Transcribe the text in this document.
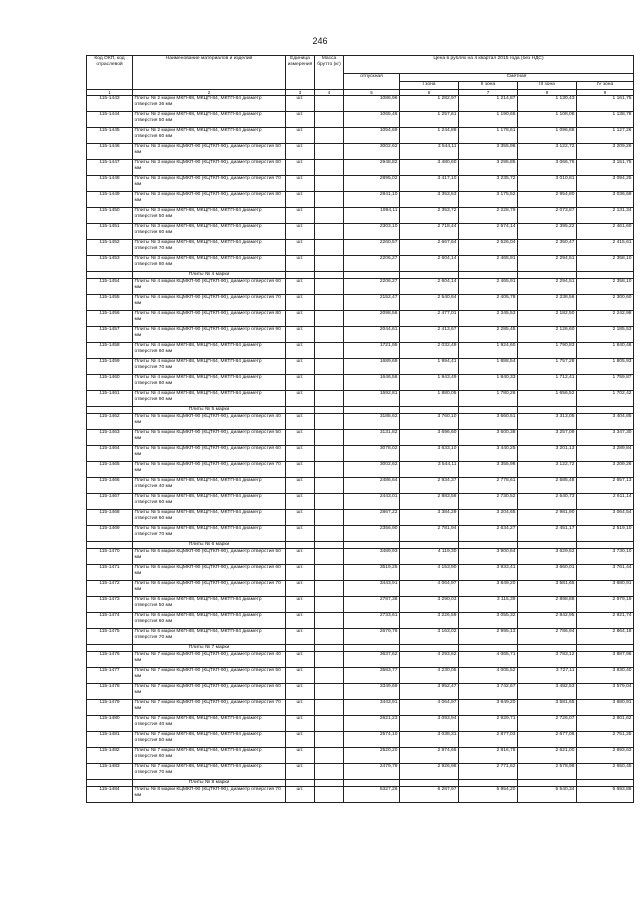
246
Код ОКП, код отраслевой	Наименование материалов и изделий	Единица измерения	Масса брутто (кг)	Цена в рублях на 4 квартал 2015 года (без НДС)				
				отпускная	Сметная			
					I зона	II зона	III зона	IV зона
1	2	3	4	5	6	7	8	9
115-1443	Плиты № 2 марки МКП-88, МКЦП-84, МКТП-84 диаметр отверстия 36 мм	шт.		1086,96	1 282,97	1 214,87	1 130,43	1 161,75
115-1444	Плиты № 2 марки МКП-88, МКЦП-84, МКТП-84 диаметр отверстия 50 мм	шт.		1065,46	1 257,61	1 190,65	1 108,08	1 138,78
115-1445	Плиты № 2 марки МКП-88, МКЦП-84, МКТП-84 диаметр отверстия 60 мм	шт.		1054,69	1 244,89	1 178,61	1 096,88	1 127,26
115-1446	Плиты № 3 марки КЦМКП-90 (КЦТКП-90), диаметр отверстия 50 мм	шт.		3002,62	3 544,11	3 355,98	3 122,72	3 209,26
115-1447	Плиты № 3 марки КЦМКП-90 (КЦТКП-90), диаметр отверстия 60 мм	шт.		2948,82	3 480,60	3 295,85	3 066,76	3 151,75
115-1448	Плиты № 3 марки КЦМКП-90 (КЦТКП-90), диаметр отверстия 70 мм	шт.		2895,02	3 417,10	3 235,72	3 010,81	3 094,25
115-1449	Плиты № 3 марки КЦМКП-90 (КЦТКП-90), диаметр отверстия 80 мм	шт.		2841,10	3 353,53	3 175,52	2 954,80	3 036,69
115-1450	Плиты № 3 марки МКП-88, МКЦП-84, МКТП-84 диаметр отверстия 50 мм	шт.		1994,11	2 353,72	2 228,79	2 073,87	2 131,34
115-1451	Плиты № 3 марки МКП-88, МКЦП-84, МКТП-84 диаметр отверстия 60 мм	шт.		2303,10	2 718,44	2 574,14	2 395,22	2 461,60
115-1452	Плиты № 3 марки МКП-88, МКЦП-84, МКТП-84 диаметр отверстия 70 мм	шт.		2260,57	2 667,64	2 526,04	2 350,47	2 415,61
115-1453	Плиты № 3 марки МКП-88, МКЦП-84, МКТП-84 диаметр отверстия 80 мм	шт.		2206,27	2 604,14	2 465,91	2 294,51	2 358,10
	Плиты № 4 марки							
115-1454	Плиты № 4 марки КЦМКП-90 (КЦТКП-90), диаметр отверстия 60 мм	шт.		2206,27	2 604,14	2 465,91	2 294,51	2 358,10
115-1455	Плиты № 4 марки КЦМКП-90 (КЦТКП-90), диаметр отверстия 70 мм	шт.		2152,47	2 540,64	2 405,78	2 238,56	2 300,60
115-1456	Плиты № 4 марки КЦМКП-90 (КЦТКП-90), диаметр отверстия 80 мм	шт.		2098,56	2 477,01	2 345,53	2 182,50	2 242,98
115-1457	Плиты № 4 марки КЦМКП-90 (КЦТКП-90), диаметр отверстия 90 мм	шт.		2044,61	2 413,67	2 285,45	2 126,60	2 185,53
115-1458	Плиты № 4 марки МКП-88, МКЦП-84, МКТП-84 диаметр отверстия 60 мм	шт.		1721,95	2 032,49	1 924,60	1 790,83	1 840,46
115-1459	Плиты № 4 марки МКП-88, МКЦП-84, МКТП-84 диаметр отверстия 70 мм	шт.		1689,69	1 994,41	1 888,54	1 757,28	1 805,93
115-1460	Плиты № 4 марки МКП-88, МКЦП-84, МКТП-84 диаметр отверстия 80 мм	шт.		1646,56	1 943,49	1 840,33	1 712,41	1 759,87
115-1461	Плиты № 4 марки МКП-88, МКЦП-84, МКТП-84 диаметр отверстия 90 мм	шт.		1592,81	1 880,05	1 780,26	1 656,52	1 702,42
	Плиты № 5 марки							
115-1462	Плиты № 5 марки КЦМКП-90 (КЦТКП-90), диаметр отверстия 40 мм	шт.		3185,62	3 760,10	3 560,51	3 313,05	3 404,85
115-1463	Плиты № 5 марки КЦМКП-90 (КЦТКП-90), диаметр отверстия 50 мм	шт.		3131,82	3 696,60	3 500,38	3 257,09	3 347,30
115-1464	Плиты № 5 марки КЦМКП-90 (КЦТКП-90), диаметр отверстия 60 мм	шт.		3078,02	3 633,10	3 440,25	3 201,13	3 289,84
115-1465	Плиты № 5 марки КЦМКП-90 (КЦТКП-90), диаметр отверстия 70 мм	шт.		3002,62	3 544,11	3 355,98	3 122,72	3 209,26
115-1466	Плиты № 5 марки МКП-88, МКЦП-84, МКТП-84 диаметр отверстия 40 мм	шт.		2486,64	2 934,37	2 778,61	2 585,48	2 657,13
115-1467	Плиты № 5 марки МКП-88, МКЦП-84, МКТП-84 диаметр отверстия 60 мм	шт.		2443,01	2 883,58	2 730,52	2 540,73	2 611,14
115-1468	Плиты № 5 марки МКП-88, МКЦП-84, МКТП-84 диаметр отверстия 60 мм	шт.		2867,22	3 384,29	3 204,65	2 981,90	3 064,54
115-1469	Плиты № 5 марки МКП-88, МКЦП-84, МКТП-84 диаметр отверстия 70 мм	шт.		2356,90	2 781,94	2 634,27	2 451,17	2 519,10
	Плиты № 6 марки							
115-1470	Плиты № 6 марки КЦМКП-90 (КЦТКП-90), диаметр отверстия 50 мм	шт.		3489,93	4 119,30	3 900,64	3 629,52	3 730,10
115-1471	Плиты № 6 марки КЦМКП-90 (КЦТКП-90), диаметр отверстия 60 мм	шт.		3519,25	4 153,90	3 933,41	3 660,01	3 761,44
115-1472	Плиты № 6 марки КЦМКП-90 (КЦТКП-90), диаметр отверстия 70 мм	шт.		3443,91	4 064,97	3 849,20	3 581,65	3 680,91
115-1473	Плиты № 6 марки МКП-88, МКЦП-84, МКТП-84 диаметр отверстия 50 мм	шт.		2787,38	3 290,03	3 115,39	2 898,88	2 979,19
115-1474	Плиты № 6 марки МКП-88, МКЦП-84, МКТП-84 диаметр отверстия 60 мм	шт.		2733,61	3 226,59	3 055,32	2 842,95	2 921,74
115-1475	Плиты № 6 марки МКП-88, МКЦП-84, МКТП-84 диаметр отверстия 70 мм	шт.		2679,76	3 163,02	2 995,13	2 786,94	2 864,18
	Плиты № 7 марки							
115-1476	Плиты № 7 марки КЦМКП-90 (КЦТКП-90), диаметр отверстия 40 мм	шт.		3637,62	4 293,62	4 065,71	3 783,12	3 887,96
115-1477	Плиты № 7 марки КЦМКП-90 (КЦТКП-90), диаметр отверстия 50 мм	шт.		3583,77	4 230,05	4 005,52	3 727,11	3 830,40
115-1478	Плиты № 7 марки КЦМКП-90 (КЦТКП-90), диаметр отверстия 60 мм	шт.		3349,69	3 952,47	3 742,67	3 482,53	3 579,04
115-1479	Плиты № 7 марки КЦМКП-90 (КЦТКП-90), диаметр отверстия 70 мм	шт.		3443,91	4 064,97	3 849,20	3 581,65	3 680,91
115-1480	Плиты № 7 марки МКП-88, МКЦП-84, МКТП-84 диаметр отверстия 40 мм	шт.		2621,23	3 093,94	2 929,71	2 726,07	2 801,62
115-1481	Плиты № 7 марки МКП-88, МКЦП-84, МКТП-84 диаметр отверстия 50 мм	шт.		2574,10	3 038,31	2 877,03	2 677,06	2 751,25
115-1482	Плиты № 7 марки МКП-88, МКЦП-84, МКТП-84 диаметр отверстия 60 мм	шт.		2520,20	2 974,66	2 816,78	2 621,00	2 693,63
115-1483	Плиты № 7 марки МКП-88, МКЦП-84, МКТП-84 диаметр отверстия 70 мм	шт.		2479,79	2 926,98	2 771,62	2 578,98	2 650,45
	Плиты № 8 марки							
115-1484	Плиты № 8 марки КЦМКП-90 (КЦТКП-90), диаметр отверстия 70 мм	шт.		5327,26	6 287,97	5 954,20	5 540,34	5 693,86
